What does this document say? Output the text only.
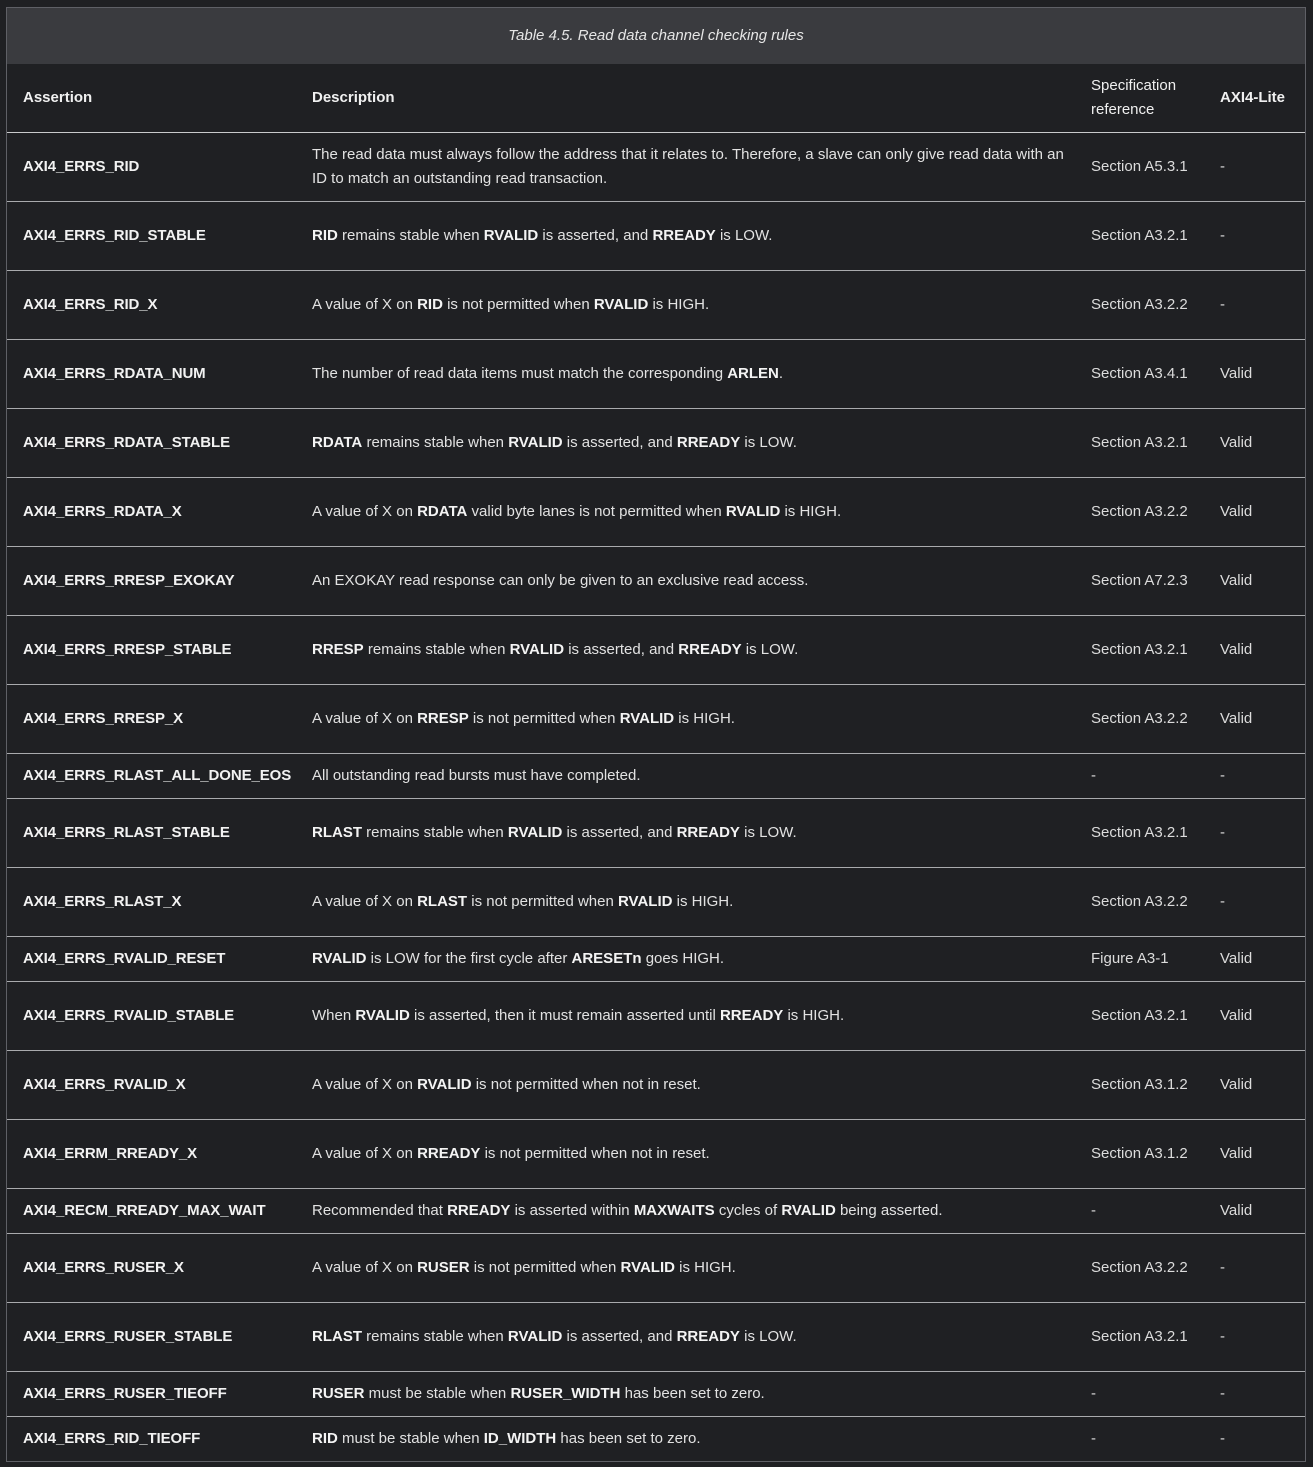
Table 4.5. Read data channel checking rules
Assertion	Description	Specification reference	AXI4-Lite
AXI4_ERRS_RID	The read data must always follow the address that it relates to. Therefore, a slave can only give read data with an ID to match an outstanding read transaction.	Section A5.3.1	-
AXI4_ERRS_RID_STABLE	RID remains stable when RVALID is asserted, and RREADY is LOW.	Section A3.2.1	-
AXI4_ERRS_RID_X	A value of X on RID is not permitted when RVALID is HIGH.	Section A3.2.2	-
AXI4_ERRS_RDATA_NUM	The number of read data items must match the corresponding ARLEN.	Section A3.4.1	Valid
AXI4_ERRS_RDATA_STABLE	RDATA remains stable when RVALID is asserted, and RREADY is LOW.	Section A3.2.1	Valid
AXI4_ERRS_RDATA_X	A value of X on RDATA valid byte lanes is not permitted when RVALID is HIGH.	Section A3.2.2	Valid
AXI4_ERRS_RRESP_EXOKAY	An EXOKAY read response can only be given to an exclusive read access.	Section A7.2.3	Valid
AXI4_ERRS_RRESP_STABLE	RRESP remains stable when RVALID is asserted, and RREADY is LOW.	Section A3.2.1	Valid
AXI4_ERRS_RRESP_X	A value of X on RRESP is not permitted when RVALID is HIGH.	Section A3.2.2	Valid
AXI4_ERRS_RLAST_ALL_DONE_EOS	All outstanding read bursts must have completed.	-	-
AXI4_ERRS_RLAST_STABLE	RLAST remains stable when RVALID is asserted, and RREADY is LOW.	Section A3.2.1	-
AXI4_ERRS_RLAST_X	A value of X on RLAST is not permitted when RVALID is HIGH.	Section A3.2.2	-
AXI4_ERRS_RVALID_RESET	RVALID is LOW for the first cycle after ARESETn goes HIGH.	Figure A3-1	Valid
AXI4_ERRS_RVALID_STABLE	When RVALID is asserted, then it must remain asserted until RREADY is HIGH.	Section A3.2.1	Valid
AXI4_ERRS_RVALID_X	A value of X on RVALID is not permitted when not in reset.	Section A3.1.2	Valid
AXI4_ERRM_RREADY_X	A value of X on RREADY is not permitted when not in reset.	Section A3.1.2	Valid
AXI4_RECM_RREADY_MAX_WAIT	Recommended that RREADY is asserted within MAXWAITS cycles of RVALID being asserted.	-	Valid
AXI4_ERRS_RUSER_X	A value of X on RUSER is not permitted when RVALID is HIGH.	Section A3.2.2	-
AXI4_ERRS_RUSER_STABLE	RLAST remains stable when RVALID is asserted, and RREADY is LOW.	Section A3.2.1	-
AXI4_ERRS_RUSER_TIEOFF	RUSER must be stable when RUSER_WIDTH has been set to zero.	-	-
AXI4_ERRS_RID_TIEOFF	RID must be stable when ID_WIDTH has been set to zero.	-	-
